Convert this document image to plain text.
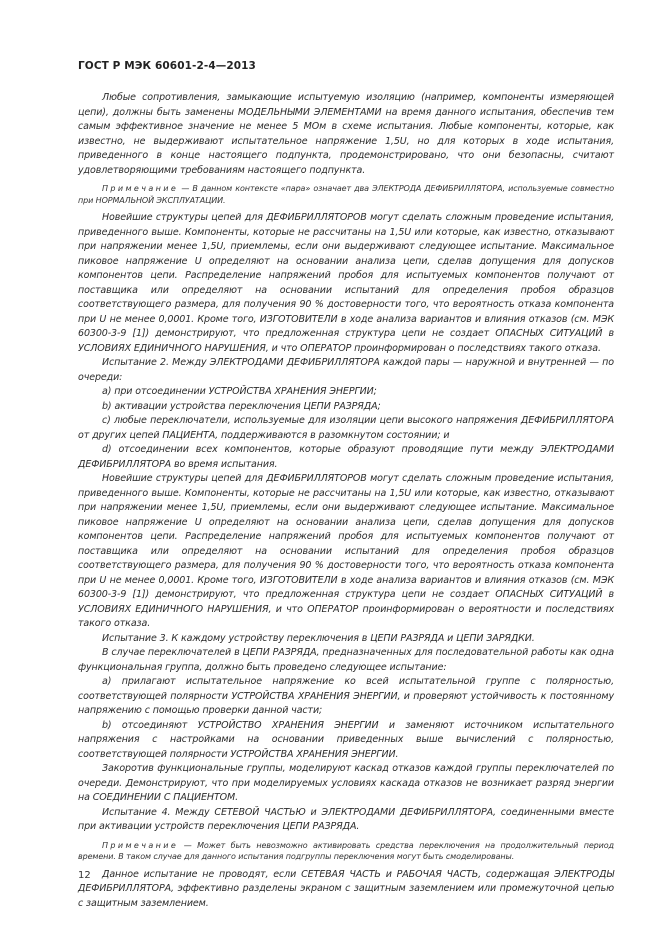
ГОСТ Р МЭК 60601-2-4—2013

Любые сопротивления, замыкающие испытуемую изоляцию (например, компоненты измеряющей цепи), должны быть заменены МОДЕЛЬНЫМИ ЭЛЕМЕНТАМИ на время данного испытания, обеспечив тем самым эффективное значение не менее 5 МОм в схеме испытания. Любые компоненты, которые, как известно, не выдерживают испытательное напряжение 1,5U, но для которых в ходе испытания, приведенного в конце настоящего подпункта, продемонстрировано, что они безопасны, считают удовлетворяющими требованиям настоящего подпункта.

Примечание — В данном контексте «пара» означает два ЭЛЕКТРОДА ДЕФИБРИЛЛЯТОРА, используемые совместно при НОРМАЛЬНОЙ ЭКСПЛУАТАЦИИ.

Новейшие структуры цепей для ДЕФИБРИЛЛЯТОРОВ могут сделать сложным проведение испытания, приведенного выше. Компоненты, которые не рассчитаны на 1,5U или которые, как известно, отказывают при напряжении менее 1,5U, приемлемы, если они выдерживают следующее испытание. Максимальное пиковое напряжение U определяют на основании анализа цепи, сделав допущения для допусков компонентов цепи. Распределение напряжений пробоя для испытуемых компонентов получают от поставщика или определяют на основании испытаний для определения пробоя образцов соответствующего размера, для получения 90 % достоверности того, что вероятность отказа компонента при U не менее 0,0001. Кроме того, ИЗГОТОВИТЕЛИ в ходе анализа вариантов и влияния отказов (см. МЭК 60300-3-9 [1]) демонстрируют, что предложенная структура цепи не создает ОПАСНЫХ СИТУАЦИЙ в УСЛОВИЯХ ЕДИНИЧНОГО НАРУШЕНИЯ, и что ОПЕРАТОР проинформирован о последствиях такого отказа.

Испытание 2. Между ЭЛЕКТРОДАМИ ДЕФИБРИЛЛЯТОРА каждой пары — наружной и внутренней — по очереди:

a) при отсоединении УСТРОЙСТВА ХРАНЕНИЯ ЭНЕРГИИ;

b) активации устройства переключения ЦЕПИ РАЗРЯДА;

c) любые переключатели, используемые для изоляции цепи высокого напряжения ДЕФИБРИЛЛЯТОРА от других цепей ПАЦИЕНТА, поддерживаются в разомкнутом состоянии; и

d) отсоединении всех компонентов, которые образуют проводящие пути между ЭЛЕКТРОДАМИ ДЕФИБРИЛЛЯТОРА во время испытания.

Новейшие структуры цепей для ДЕФИБРИЛЛЯТОРОВ могут сделать сложным проведение испытания, приведенного выше. Компоненты, которые не рассчитаны на 1,5U или которые, как известно, отказывают при напряжении менее 1,5U, приемлемы, если они выдерживают следующее испытание. Максимальное пиковое напряжение U определяют на основании анализа цепи, сделав допущения для допусков компонентов цепи. Распределение напряжений пробоя для испытуемых компонентов получают от поставщика или определяют на основании испытаний для определения пробоя образцов соответствующего размера, для получения 90 % достоверности того, что вероятность отказа компонента при U не менее 0,0001. Кроме того, ИЗГОТОВИТЕЛИ в ходе анализа вариантов и влияния отказов (см. МЭК 60300-3-9 [1]) демонстрируют, что предложенная структура цепи не создает ОПАСНЫХ СИТУАЦИЙ в УСЛОВИЯХ ЕДИНИЧНОГО НАРУШЕНИЯ, и что ОПЕРАТОР проинформирован о вероятности и последствиях такого отказа.

Испытание 3. К каждому устройству переключения в ЦЕПИ РАЗРЯДА и ЦЕПИ ЗАРЯДКИ.

В случае переключателей в ЦЕПИ РАЗРЯДА, предназначенных для последовательной работы как одна функциональная группа, должно быть проведено следующее испытание:

a) прилагают испытательное напряжение ко всей испытательной группе с полярностью, соответствующей полярности УСТРОЙСТВА ХРАНЕНИЯ ЭНЕРГИИ, и проверяют устойчивость к постоянному напряжению с помощью проверки данной части;

b) отсоединяют УСТРОЙСТВО ХРАНЕНИЯ ЭНЕРГИИ и заменяют источником испытательного напряжения с настройками на основании приведенных выше вычислений с полярностью, соответствующей полярности УСТРОЙСТВА ХРАНЕНИЯ ЭНЕРГИИ.

Закоротив функциональные группы, моделируют каскад отказов каждой группы переключателей по очереди. Демонстрируют, что при моделируемых условиях каскада отказов не возникает разряд энергии на СОЕДИНЕНИИ С ПАЦИЕНТОМ.

Испытание 4. Между СЕТЕВОЙ ЧАСТЬЮ и ЭЛЕКТРОДАМИ ДЕФИБРИЛЛЯТОРА, соединенными вместе при активации устройств переключения ЦЕПИ РАЗРЯДА.

Примечание — Может быть невозможно активировать средства переключения на продолжительный период времени. В таком случае для данного испытания подгруппы переключения могут быть смоделированы.

Данное испытание не проводят, если СЕТЕВАЯ ЧАСТЬ и РАБОЧАЯ ЧАСТЬ, содержащая ЭЛЕКТРОДЫ ДЕФИБРИЛЛЯТОРА, эффективно разделены экраном с защитным заземлением или промежуточной цепью с защитным заземлением.

12
